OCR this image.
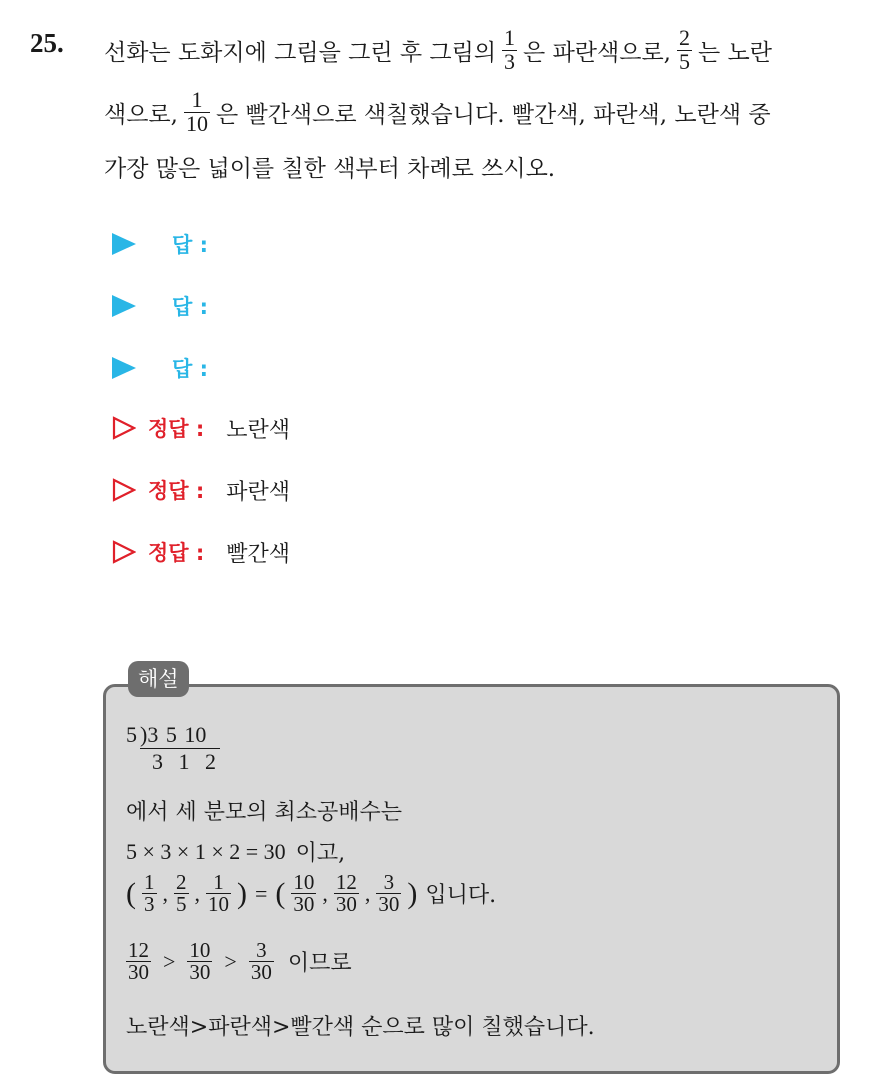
25. 선화는 도화지에 그림을 그린 후 그림의 $\frac{1}{3}$ 은 파란색으로, $\frac{2}{5}$ 는 노란
색으로, $\frac{1}{10}$ 은 빨간색으로 색칠했습니다. 빨간색, 파란색, 노란색 중
가장 많은 넓이를 칠한 색부터 차례로 쓰시오.
답 :
답 :
답 :
정답 : 노란색
정답 : 파란색
정답 : 빨간색
해설
5 ) 3 5 10
3 1 2
에서 세 분모의 최소공배수는
5 × 3 × 1 × 2 = 30 이고,
( $\frac{1}{3}$ , $\frac{2}{5}$ , $\frac{1}{10}$ ) = ( $\frac{10}{30}$ , $\frac{12}{30}$ , $\frac{3}{30}$ ) 입니다.
$\frac{12}{30} > \frac{10}{30} > \frac{3}{30}$ 이므로
노란색>파란색>빨간색 순으로 많이 칠했습니다.
